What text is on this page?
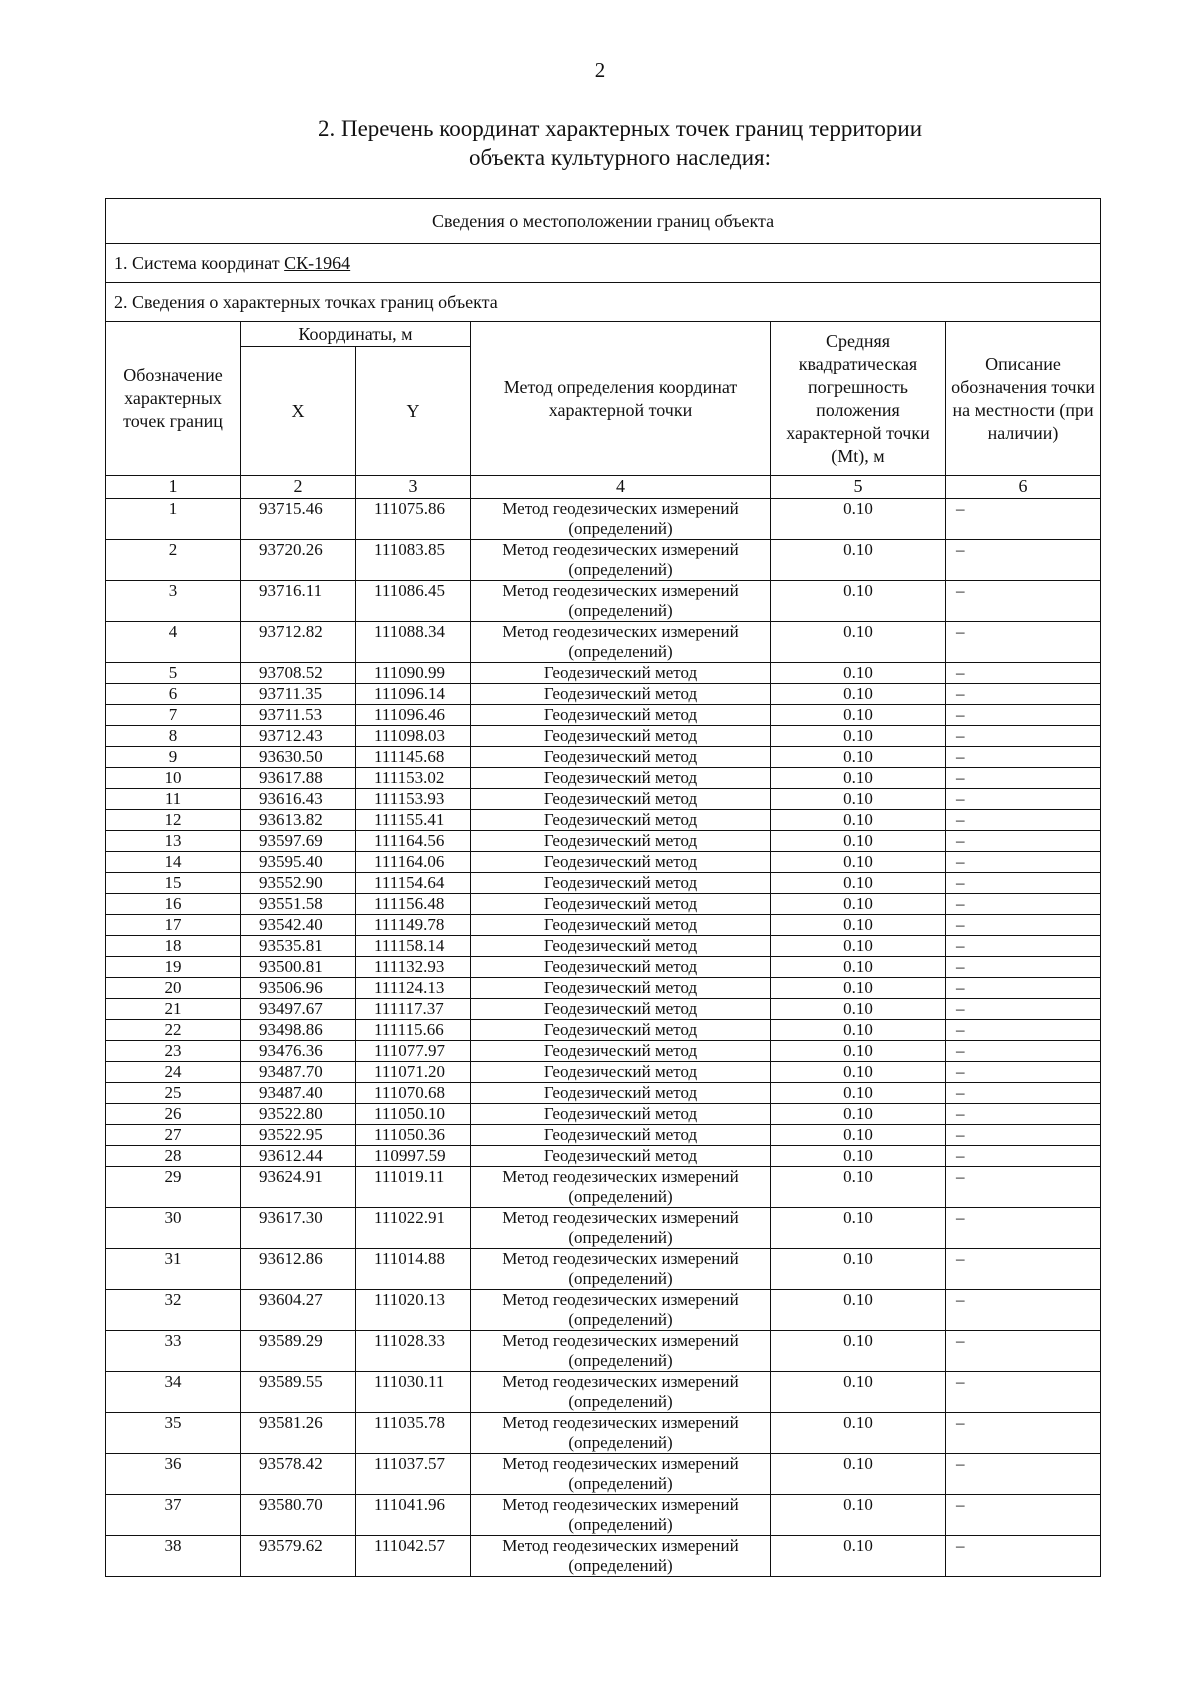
2
2. Перечень координат характерных точек границ территории
объекта культурного наследия:
Сведения о местоположении границ объекта					
1. Система координат СК-1964					
2. Сведения о характерных точках границ объекта					
Обозначение характерных точек границ	Координаты, м		Метод определения координат характерной точки	Средняя квадратическая погрешность положения характерной точки (Mt), м	Описание обозначения точки на местности (при наличии)
	X	Y			
1	2	3	4	5	6
1	93715.46	111075.86	Метод геодезических измерений (определений)	0.10	–
2	93720.26	111083.85	Метод геодезических измерений (определений)	0.10	–
3	93716.11	111086.45	Метод геодезических измерений (определений)	0.10	–
4	93712.82	111088.34	Метод геодезических измерений (определений)	0.10	–
5	93708.52	111090.99	Геодезический метод	0.10	–
6	93711.35	111096.14	Геодезический метод	0.10	–
7	93711.53	111096.46	Геодезический метод	0.10	–
8	93712.43	111098.03	Геодезический метод	0.10	–
9	93630.50	111145.68	Геодезический метод	0.10	–
10	93617.88	111153.02	Геодезический метод	0.10	–
11	93616.43	111153.93	Геодезический метод	0.10	–
12	93613.82	111155.41	Геодезический метод	0.10	–
13	93597.69	111164.56	Геодезический метод	0.10	–
14	93595.40	111164.06	Геодезический метод	0.10	–
15	93552.90	111154.64	Геодезический метод	0.10	–
16	93551.58	111156.48	Геодезический метод	0.10	–
17	93542.40	111149.78	Геодезический метод	0.10	–
18	93535.81	111158.14	Геодезический метод	0.10	–
19	93500.81	111132.93	Геодезический метод	0.10	–
20	93506.96	111124.13	Геодезический метод	0.10	–
21	93497.67	111117.37	Геодезический метод	0.10	–
22	93498.86	111115.66	Геодезический метод	0.10	–
23	93476.36	111077.97	Геодезический метод	0.10	–
24	93487.70	111071.20	Геодезический метод	0.10	–
25	93487.40	111070.68	Геодезический метод	0.10	–
26	93522.80	111050.10	Геодезический метод	0.10	–
27	93522.95	111050.36	Геодезический метод	0.10	–
28	93612.44	110997.59	Геодезический метод	0.10	–
29	93624.91	111019.11	Метод геодезических измерений (определений)	0.10	–
30	93617.30	111022.91	Метод геодезических измерений (определений)	0.10	–
31	93612.86	111014.88	Метод геодезических измерений (определений)	0.10	–
32	93604.27	111020.13	Метод геодезических измерений (определений)	0.10	–
33	93589.29	111028.33	Метод геодезических измерений (определений)	0.10	–
34	93589.55	111030.11	Метод геодезических измерений (определений)	0.10	–
35	93581.26	111035.78	Метод геодезических измерений (определений)	0.10	–
36	93578.42	111037.57	Метод геодезических измерений (определений)	0.10	–
37	93580.70	111041.96	Метод геодезических измерений (определений)	0.10	–
38	93579.62	111042.57	Метод геодезических измерений (определений)	0.10	–
